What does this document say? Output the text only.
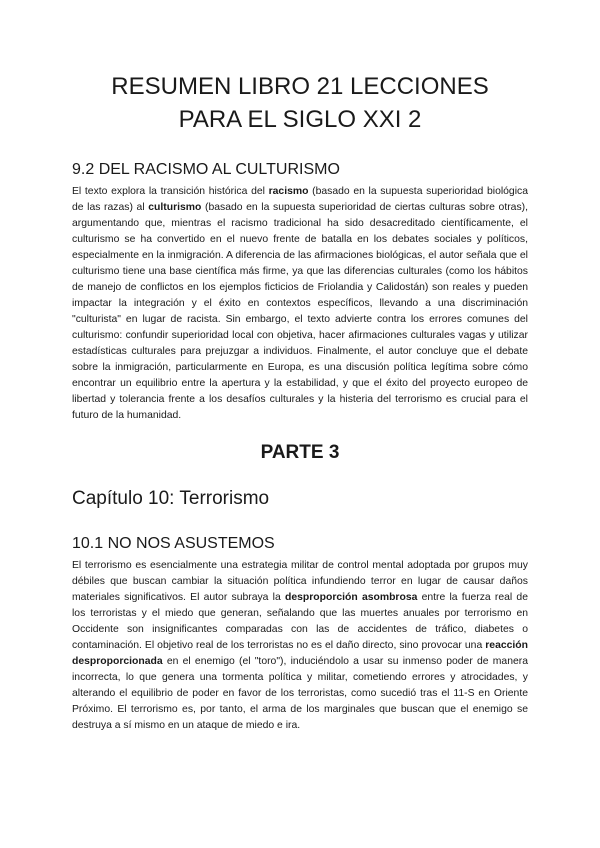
RESUMEN LIBRO 21 LECCIONES
PARA EL SIGLO XXI 2
9.2 DEL RACISMO AL CULTURISMO

El texto explora la transición histórica del racismo (basado en la supuesta superioridad biológica de las razas) al culturismo (basado en la supuesta superioridad de ciertas culturas sobre otras), argumentando que, mientras el racismo tradicional ha sido desacreditado científicamente, el culturismo se ha convertido en el nuevo frente de batalla en los debates sociales y políticos, especialmente en la inmigración. A diferencia de las afirmaciones biológicas, el autor señala que el culturismo tiene una base científica más firme, ya que las diferencias culturales (como los hábitos de manejo de conflictos en los ejemplos ficticios de Friolandia y Calidostán) son reales y pueden impactar la integración y el éxito en contextos específicos, llevando a una discriminación "culturista" en lugar de racista. Sin embargo, el texto advierte contra los errores comunes del culturismo: confundir superioridad local con objetiva, hacer afirmaciones culturales vagas y utilizar estadísticas culturales para prejuzgar a individuos. Finalmente, el autor concluye que el debate sobre la inmigración, particularmente en Europa, es una discusión política legítima sobre cómo encontrar un equilibrio entre la apertura y la estabilidad, y que el éxito del proyecto europeo de libertad y tolerancia frente a los desafíos culturales y la histeria del terrorismo es crucial para el futuro de la humanidad.

PARTE 3
Capítulo 10: Terrorismo
10.1 NO NOS ASUSTEMOS

El terrorismo es esencialmente una estrategia militar de control mental adoptada por grupos muy débiles que buscan cambiar la situación política infundiendo terror en lugar de causar daños materiales significativos. El autor subraya la desproporción asombrosa entre la fuerza real de los terroristas y el miedo que generan, señalando que las muertes anuales por terrorismo en Occidente son insignificantes comparadas con las de accidentes de tráfico, diabetes o contaminación. El objetivo real de los terroristas no es el daño directo, sino provocar una reacción desproporcionada en el enemigo (el "toro"), induciéndolo a usar su inmenso poder de manera incorrecta, lo que genera una tormenta política y militar, cometiendo errores y atrocidades, y alterando el equilibrio de poder en favor de los terroristas, como sucedió tras el 11-S en Oriente Próximo. El terrorismo es, por tanto, el arma de los marginales que buscan que el enemigo se destruya a sí mismo en un ataque de miedo e ira.
